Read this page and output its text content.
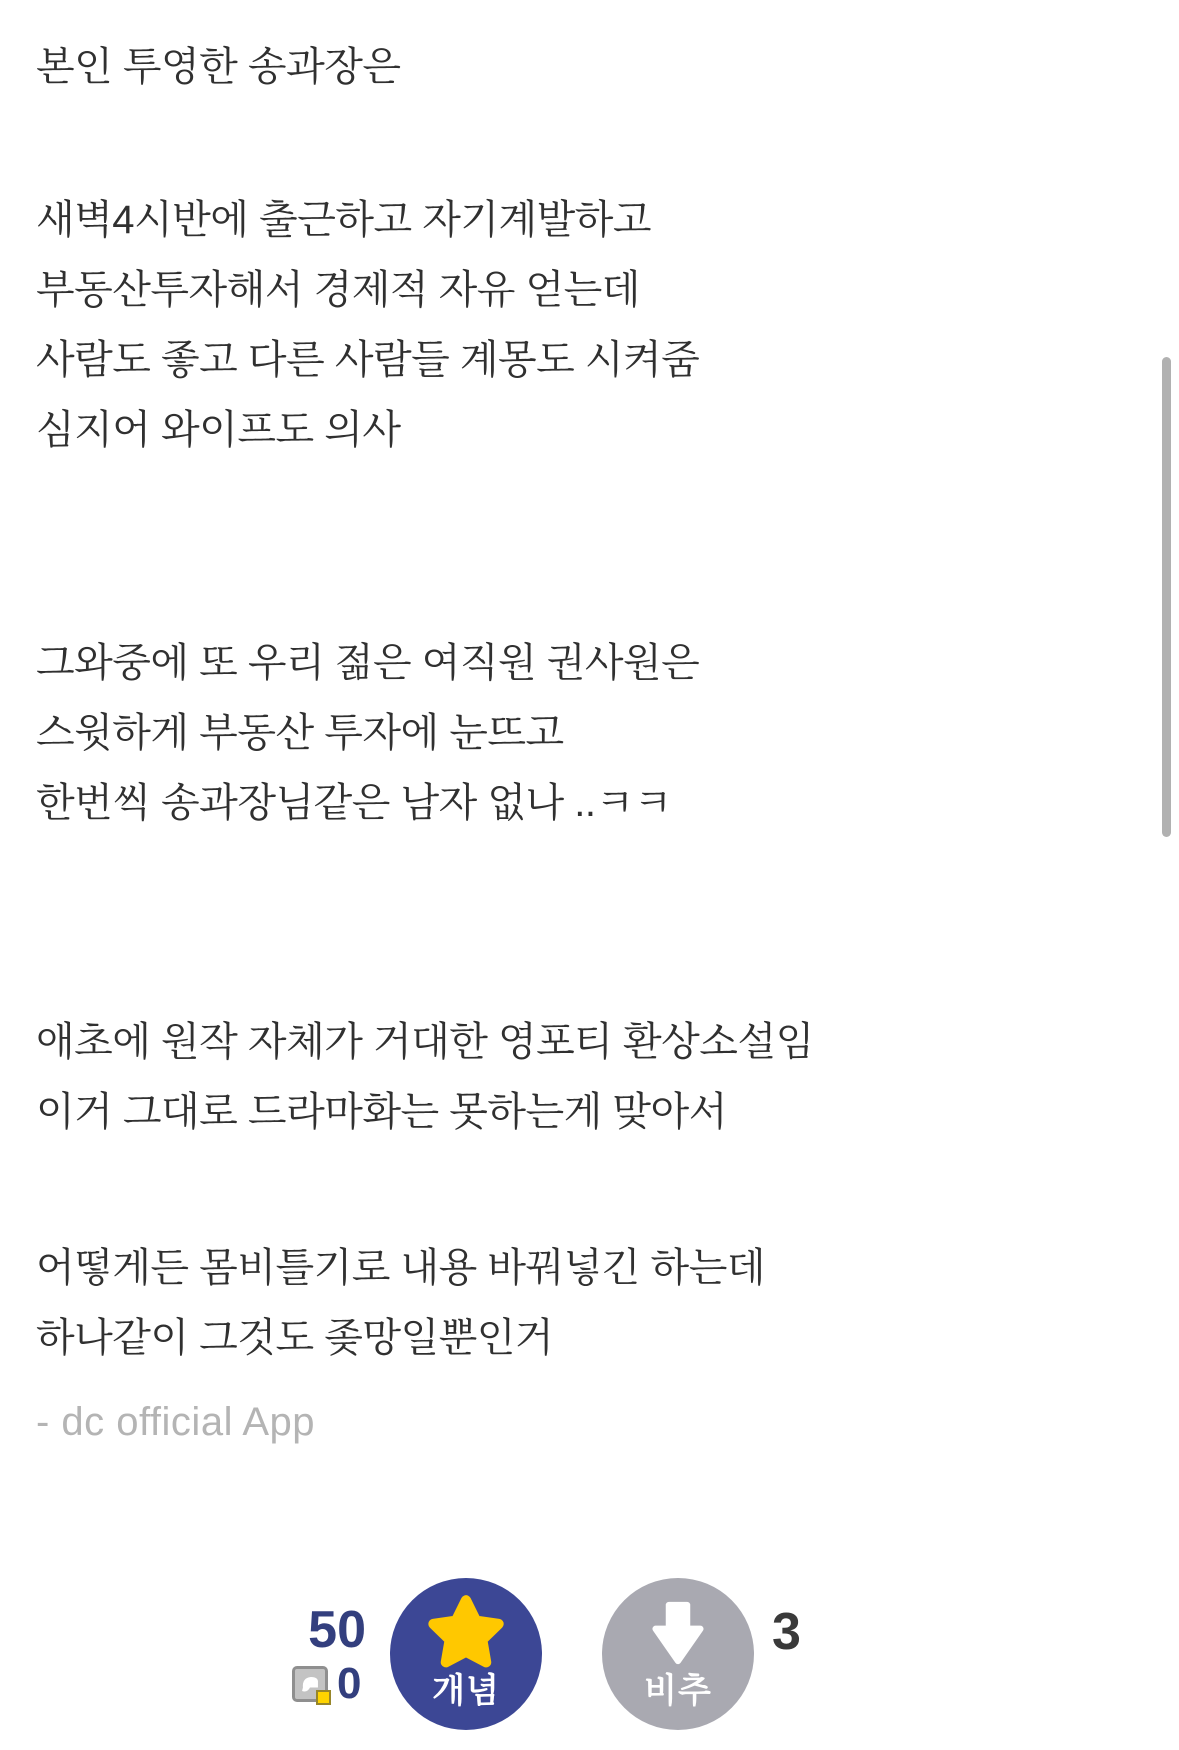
본인 투영한 송과장은
새벽4시반에 출근하고 자기계발하고
부동산투자해서 경제적 자유 얻는데
사람도 좋고 다른 사람들 계몽도 시켜줌
심지어 와이프도 의사
그와중에 또 우리 젊은 여직원 권사원은
스윗하게 부동산 투자에 눈뜨고
한번씩 송과장님같은 남자 없나 ..ㅋㅋ
애초에 원작 자체가 거대한 영포티 환상소설임
이거 그대로 드라마화는 못하는게 맞아서
어떻게든 몸비틀기로 내용 바꿔넣긴 하는데
하나같이 그것도 좆망일뿐인거
- dc official App
50
0 개념	비추
3
